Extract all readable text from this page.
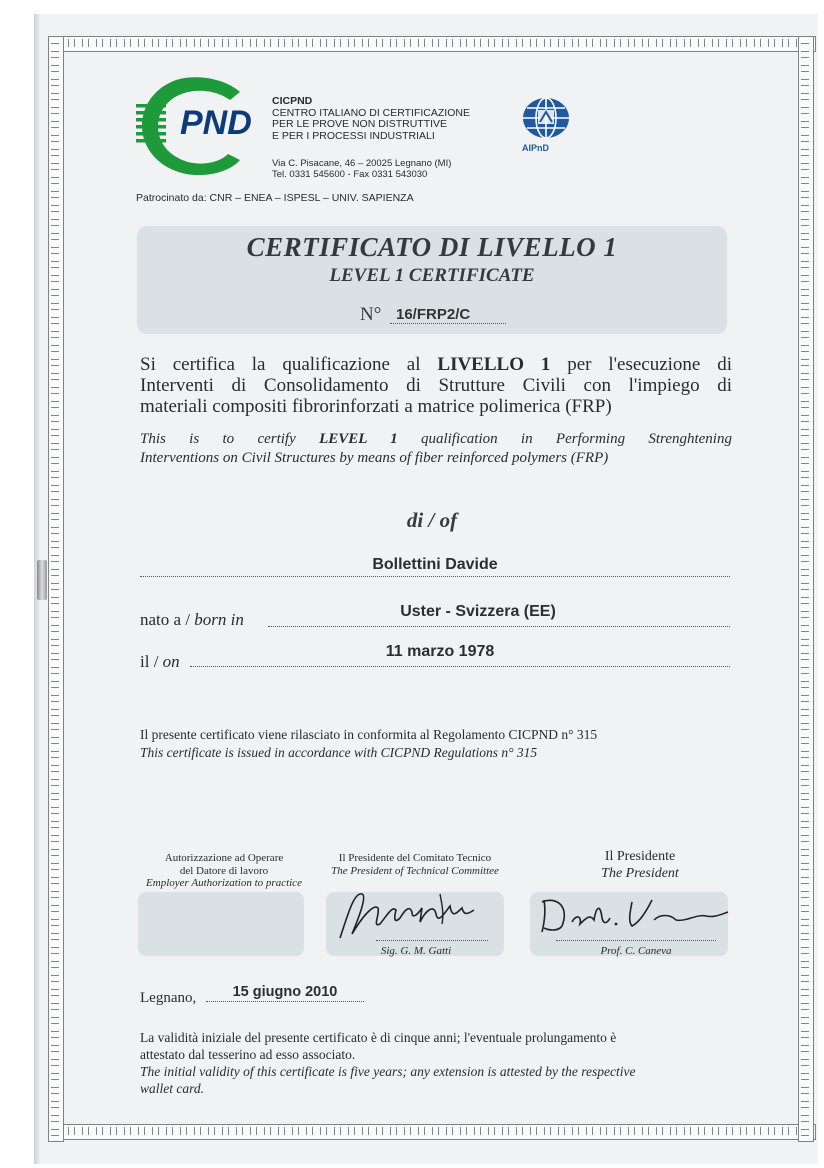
PND
CICPND
CENTRO ITALIANO DI CERTIFICAZIONE
PER LE PROVE NON DISTRUTTIVE
E PER I PROCESSI INDUSTRIALI
Via C. Pisacane, 46 – 20025 Legnano (MI)
Tel. 0331 545600 - Fax 0331 543030
AIPnD
Patrocinato da: CNR – ENEA – ISPESL – UNIV. SAPIENZA
CERTIFICATO DI LIVELLO 1
LEVEL 1 CERTIFICATE
N° 16/FRP2/C
Si certifica la qualificazione al LIVELLO 1 per l'esecuzione di
Interventi di Consolidamento di Strutture Civili con l'impiego di
materiali compositi fibrorinforzati a matrice polimerica (FRP)
This is to certify LEVEL 1 qualification in Performing Strenghtening
Interventions on Civil Structures by means of fiber reinforced polymers (FRP)
di / of
Bollettini Davide
nato a / born in	Uster - Svizzera (EE)
il / on
11 marzo 1978
Il presente certificato viene rilasciato in conformita al Regolamento CICPND n° 315
This certificate is issued in accordance with CICPND Regulations n° 315
Autorizzazione ad Operare
del Datore di lavoro
Employer Authorization to practice
Il Presidente del Comitato Tecnico
The President of Technical Committee
Sig. G. M. Gatti
Il Presidente
The President
Prof. C. Caneva
Legnano,	15 giugno 2010
La validità iniziale del presente certificato è di cinque anni; l'eventuale prolungamento è
attestato dal tesserino ad esso associato.
The initial validity of this certificate is five years; any extension is attested by the respective
wallet card.
